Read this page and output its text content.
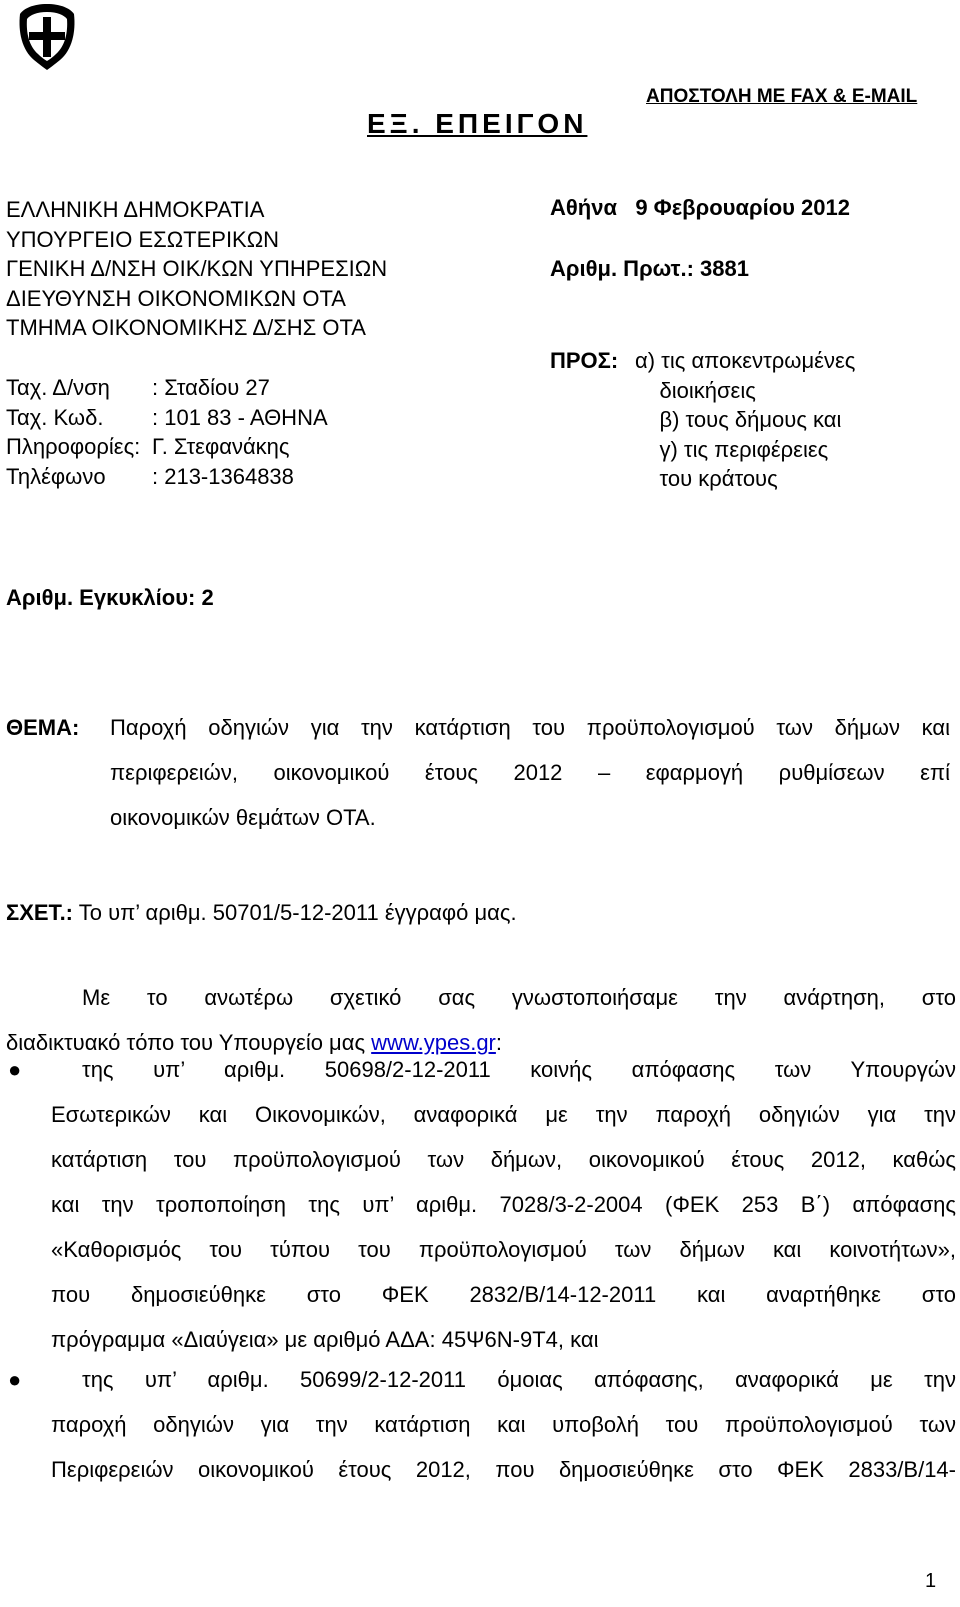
ΕΞ. ΕΠΕΙΓΟΝ
ΑΠΟΣΤΟΛΗ ΜΕ FAX & E-MAIL
ΕΛΛΗΝΙΚΗ ΔΗΜΟΚΡΑΤΙΑ
ΥΠΟΥΡΓΕΙΟ ΕΣΩΤΕΡΙΚΩΝ
ΓΕΝΙΚΗ Δ/ΝΣΗ ΟΙΚ/ΚΩΝ ΥΠΗΡΕΣΙΩΝ
ΔΙΕΥΘΥΝΣΗ ΟΙΚΟΝΟΜΙΚΩΝ ΟΤΑ
ΤΜΗΜΑ ΟΙΚΟΝΟΜΙΚΗΣ Δ/ΣΗΣ ΟΤΑ
Ταχ. Δ/νση	: Σταδίου 27
Ταχ. Κωδ.	: 101 83 - ΑΘΗΝΑ
Πληροφορίες:	Γ. Στεφανάκης
Τηλέφωνο	: 213-1364838
Αθήνα   9 Φεβρουαρίου 2012
Αριθμ. Πρωτ.: 3881
ΠΡΟΣ: α) τις αποκεντρωμένες
διοικήσεις
β) τους δήμους και
γ) τις περιφέρειες
του κράτους
Αριθμ. Εγκυκλίου: 2
ΘΕΜΑ: Παροχή οδηγιών για την κατάρτιση του προϋπολογισμού των δήμων και
περιφερειών, οικονομικού έτους 2012 – εφαρμογή ρυθμίσεων επί
οικονομικών θεμάτων ΟΤΑ.
ΣΧΕΤ.: Το υπ’ αριθμ. 50701/5-12-2011 έγγραφό μας.
Με το ανωτέρω σχετικό σας γνωστοποιήσαμε την ανάρτηση, στο
διαδικτυακό τόπο του Υπουργείο μας www.ypes.gr:
●	της υπ’ αριθμ. 50698/2-12-2011 κοινής απόφασης των Υπουργών
Εσωτερικών και Οικονομικών, αναφορικά με την παροχή οδηγιών για την
κατάρτιση του προϋπολογισμού των δήμων, οικονομικού έτους 2012, καθώς
και την τροποποίηση της υπ’ αριθμ. 7028/3-2-2004 (ΦΕΚ 253 Β΄) απόφασης
«Καθορισμός του τύπου του προϋπολογισμού των δήμων και κοινοτήτων»,
που δημοσιεύθηκε στο ΦΕΚ 2832/Β/14-12-2011 και αναρτήθηκε στο
πρόγραμμα «Διαύγεια» με αριθμό ΑΔΑ: 45Ψ6Ν-9Τ4, και
●	της υπ’ αριθμ. 50699/2-12-2011 όμοιας απόφασης, αναφορικά με την
παροχή οδηγιών για την κατάρτιση και υποβολή του προϋπολογισμού των
Περιφερειών οικονομικού έτους 2012, που δημοσιεύθηκε στο ΦΕΚ 2833/Β/14-
1
